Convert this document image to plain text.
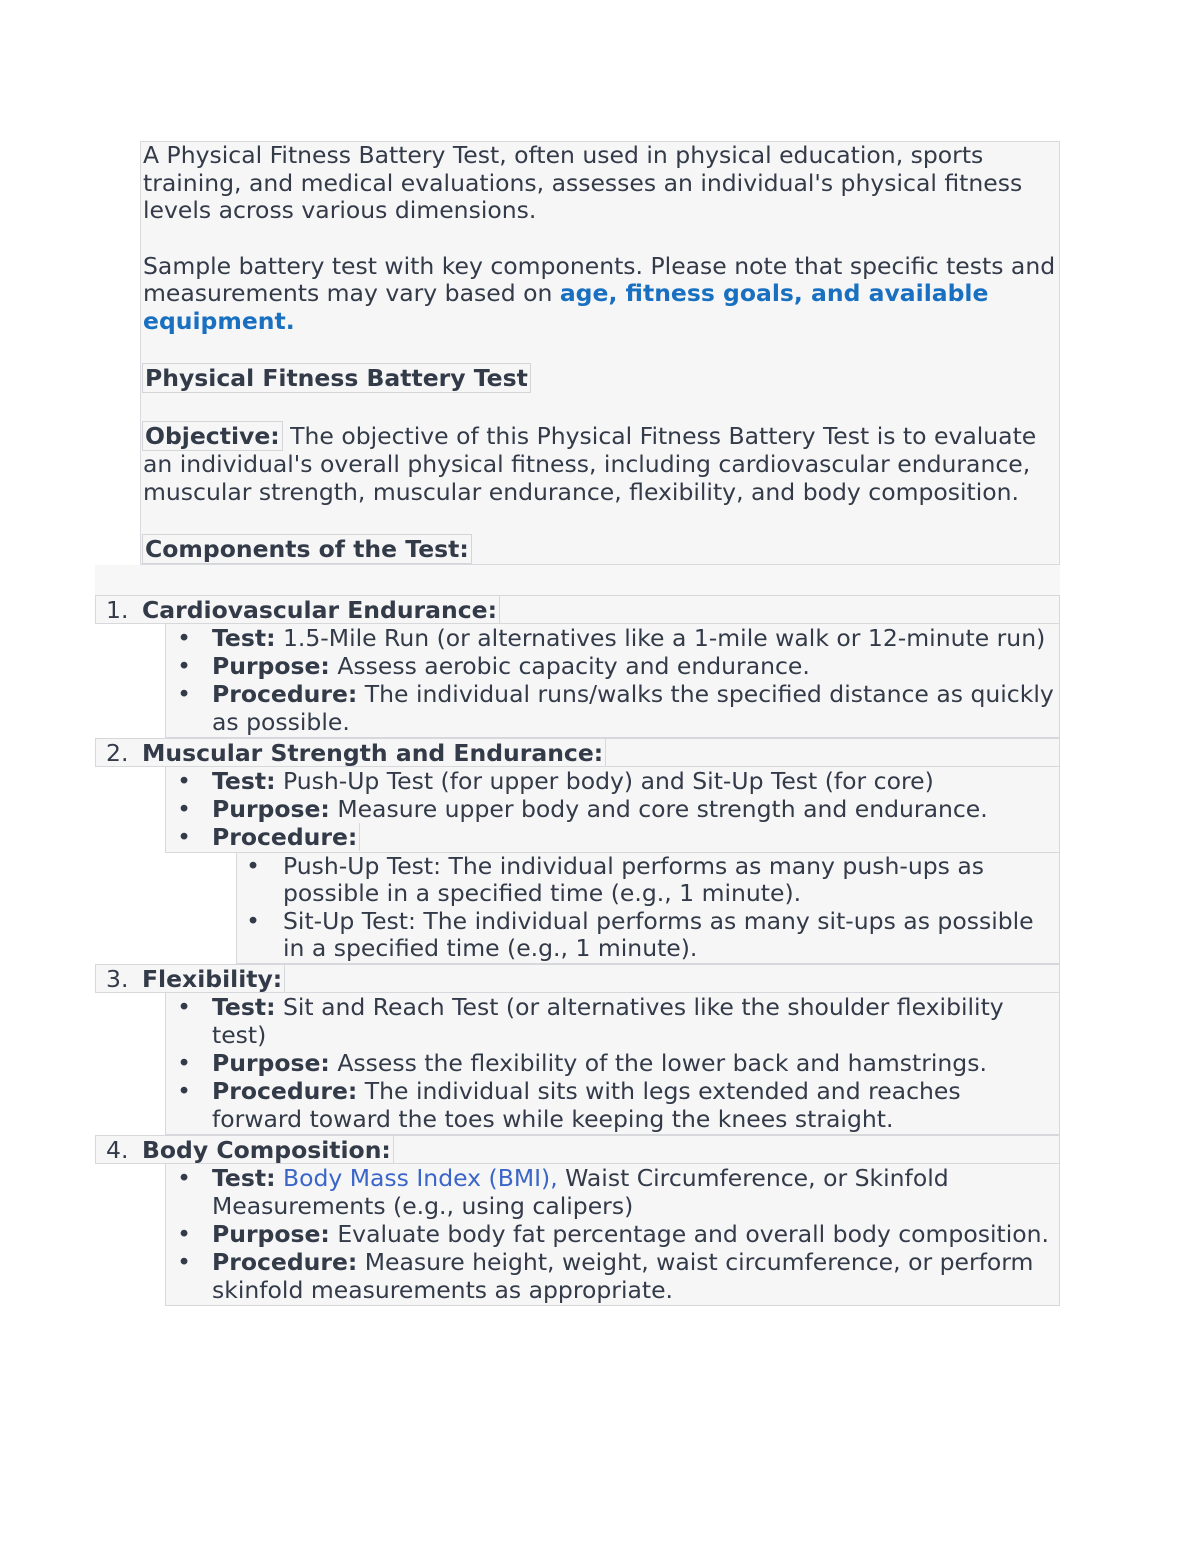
A Physical Fitness Battery Test, often used in physical education, sports training, and medical evaluations, assesses an individual's physical fitness levels across various dimensions.

Sample battery test with key components. Please note that specific tests and measurements may vary based on age, fitness goals, and available equipment.

Physical Fitness Battery Test

Objective: The objective of this Physical Fitness Battery Test is to evaluate an individual's overall physical fitness, including cardiovascular endurance, muscular strength, muscular endurance, flexibility, and body composition.

Components of the Test:

1. Cardiovascular Endurance:
• Test: 1.5-Mile Run (or alternatives like a 1-mile walk or 12-minute run)
• Purpose: Assess aerobic capacity and endurance.
• Procedure: The individual runs/walks the specified distance as quickly as possible.
2. Muscular Strength and Endurance:
• Test: Push-Up Test (for upper body) and Sit-Up Test (for core)
• Purpose: Measure upper body and core strength and endurance.
• Procedure:
• Push-Up Test: The individual performs as many push-ups as possible in a specified time (e.g., 1 minute).
• Sit-Up Test: The individual performs as many sit-ups as possible in a specified time (e.g., 1 minute).
3. Flexibility:
• Test: Sit and Reach Test (or alternatives like the shoulder flexibility test)
• Purpose: Assess the flexibility of the lower back and hamstrings.
• Procedure: The individual sits with legs extended and reaches forward toward the toes while keeping the knees straight.
4. Body Composition:
• Test: Body Mass Index (BMI), Waist Circumference, or Skinfold Measurements (e.g., using calipers)
• Purpose: Evaluate body fat percentage and overall body composition.
• Procedure: Measure height, weight, waist circumference, or perform skinfold measurements as appropriate.
